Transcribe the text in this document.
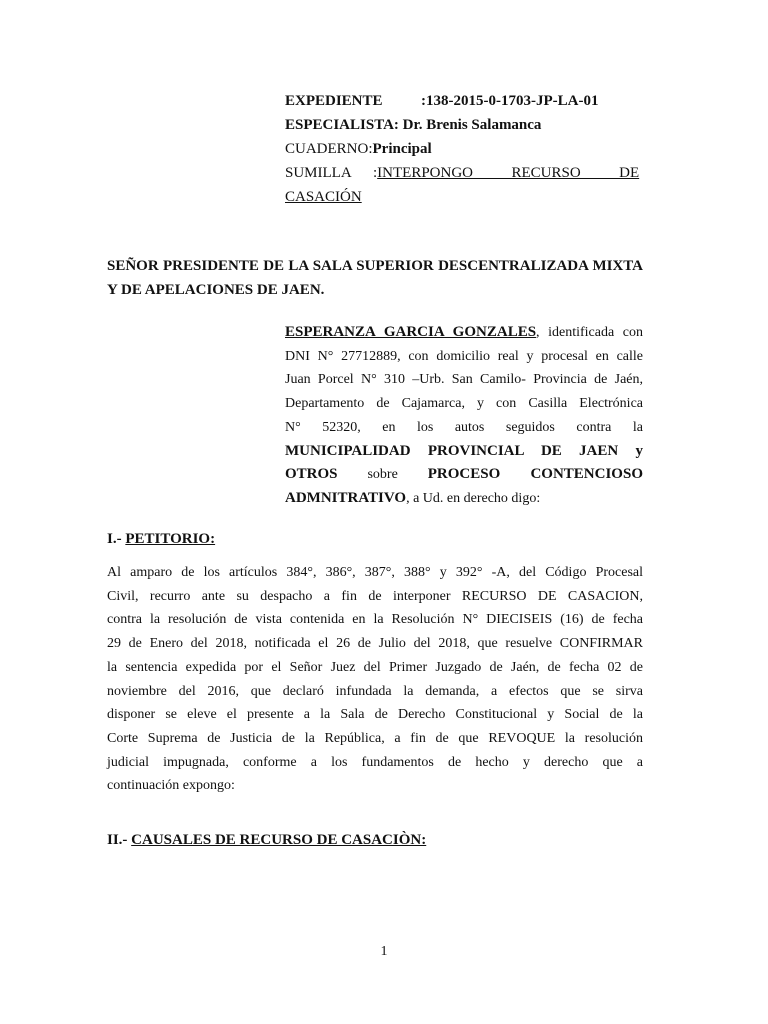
EXPEDIENTE	:138-2015-0-1703-JP-LA-01
ESPECIALISTA: Dr. Brenis Salamanca
CUADERNO:Principal
SUMILLA :INTERPONGO RECURSO DE
CASACIÓN
SEÑOR PRESIDENTE DE LA SALA SUPERIOR DESCENTRALIZADA MIXTA
Y DE APELACIONES DE JAEN.
ESPERANZA GARCIA GONZALES, identificada con
DNI N° 27712889, con domicilio real y procesal en calle
Juan Porcel N° 310 –Urb. San Camilo- Provincia de Jaén,
Departamento de Cajamarca, y con Casilla Electrónica
N° 52320, en los autos seguidos contra la
MUNICIPALIDAD PROVINCIAL DE JAEN y
OTROS sobre PROCESO CONTENCIOSO
ADMNITRATIVO, a Ud. en derecho digo:
I.- PETITORIO:
Al amparo de los artículos 384°, 386°, 387°, 388° y 392° -A, del Código Procesal
Civil, recurro ante su despacho a fin de interponer RECURSO DE CASACION,
contra la resolución de vista contenida en la Resolución N° DIECISEIS (16) de fecha
29 de Enero del 2018, notificada el 26 de Julio del 2018, que resuelve CONFIRMAR
la sentencia expedida por el Señor Juez del Primer Juzgado de Jaén, de fecha 02 de
noviembre del 2016, que declaró infundada la demanda, a efectos que se sirva
disponer se eleve el presente a la Sala de Derecho Constitucional y Social de la
Corte Suprema de Justicia de la República, a fin de que REVOQUE la resolución
judicial impugnada, conforme a los fundamentos de hecho y derecho que a
continuación expongo:
II.- CAUSALES DE RECURSO DE CASACIÒN:
1
